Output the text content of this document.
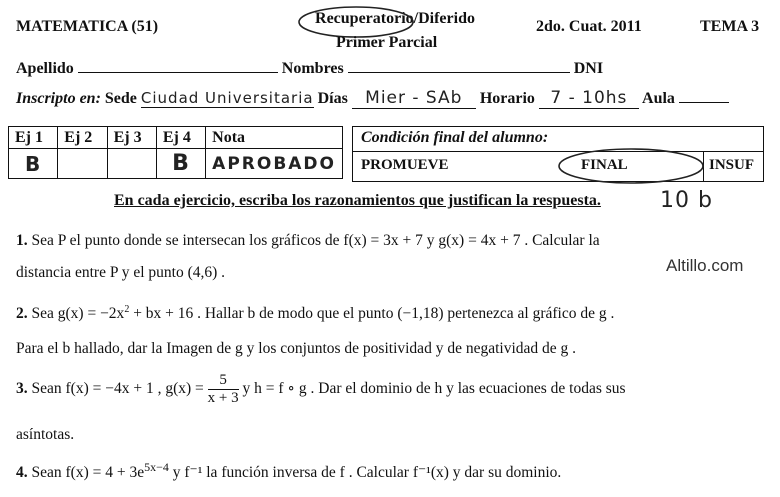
MATEMATICA (51)	Recuperatorio/Diferido
Primer Parcial
2do. Cuat. 2011	TEMA 3
Apellido	Nombres	DNI
Inscripto en: Sede Ciudad Universitaria Días Mier - SAb Horario 7 - 10hs Aula
Ej 1	Ej 2	Ej 3	Ej 4	Nota
B			B	APROBADO
Condición final del alumno:
PROMUEVE	FINAL	INSUF
En cada ejercicio, escriba los razonamientos que justifican la respuesta.	10 b
Altillo.com
1. Sea P el punto donde se intersecan los gráficos de f(x) = 3x + 7 y g(x) = 4x + 7 . Calcular la
distancia entre P y el punto (4,6) .
2. Sea $g(x) = -2x^2$ + bx + 16 . Hallar b de modo que el punto (−1,18) pertenezca al gráfico de g .
Para el b hallado, dar la Imagen de g y los conjuntos de positividad y de negatividad de g .
3. Sean f(x) = −4x + 1 , $g(x) = \frac{5}{x + 3}$ y h = f ∘ g . Dar el dominio de h y las ecuaciones de todas sus
asíntotas.
4. Sean $f(x) = 4 + 3e^{5x-4}$ y f⁻¹ la función inversa de f . Calcular f⁻¹(x) y dar su dominio.
